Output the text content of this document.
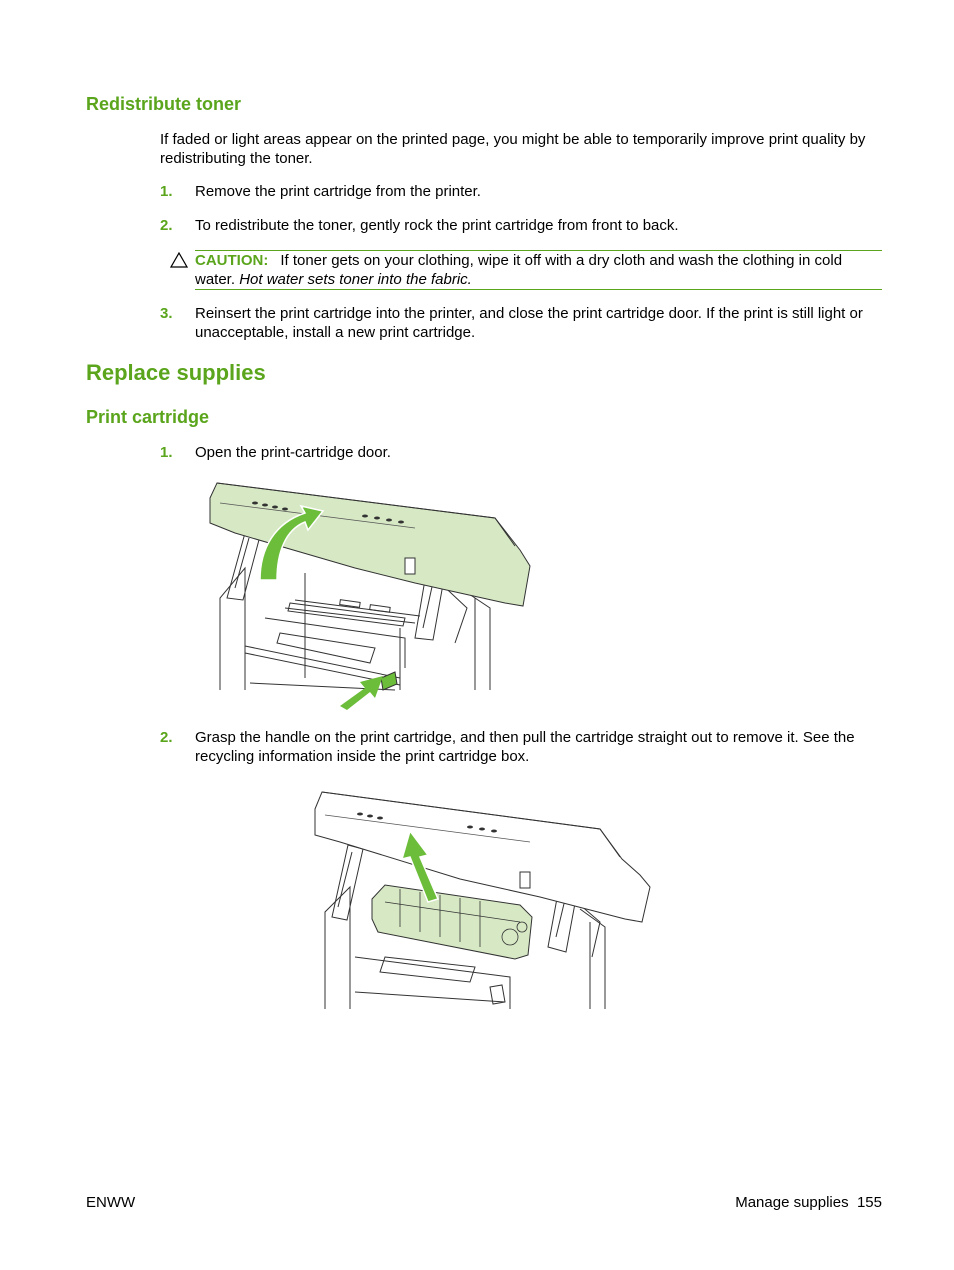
Redistribute toner
If faded or light areas appear on the printed page, you might be able to temporarily improve print quality by redistributing the toner.
1. Remove the print cartridge from the printer.
2. To redistribute the toner, gently rock the print cartridge from front to back.
CAUTION: If toner gets on your clothing, wipe it off with a dry cloth and wash the clothing in cold water. Hot water sets toner into the fabric.
3. Reinsert the print cartridge into the printer, and close the print cartridge door. If the print is still light or unacceptable, install a new print cartridge.
Replace supplies
Print cartridge
1. Open the print-cartridge door.
2. Grasp the handle on the print cartridge, and then pull the cartridge straight out to remove it. See the recycling information inside the print cartridge box.
ENWW	Manage supplies 155
